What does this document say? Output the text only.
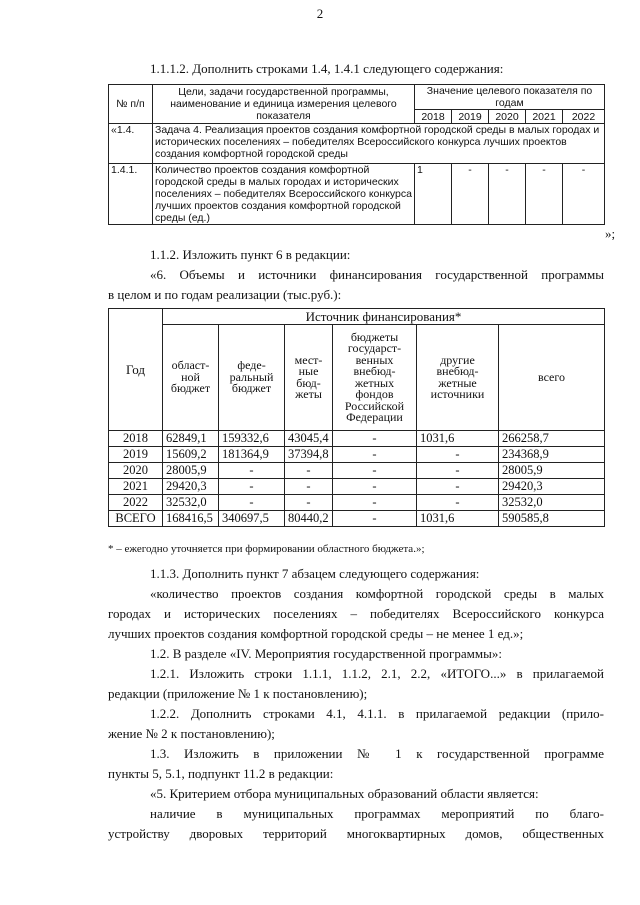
2
1.1.1.2. Дополнить строками 1.4, 1.4.1 следующего содержания:
№ п/п	Цели, задачи государственной программы, наименование и единица измерения целевого показателя	Значение целевого показателя по годам				
		2018	2019	2020	2021	2022
«1.4.	Задача 4. Реализация проектов создания комфортной городской среды в малых городах и исторических поселениях – победителях Всероссийского конкурса лучших проектов создания комфортной городской среды					
1.4.1.	Количество проектов создания комфортной городской среды в малых городах и исторических поселениях – победителях Всероссийского конкурса лучших проектов создания комфортной городской среды (ед.)	1	-	-	-	-
»;
1.1.2. Изложить пункт 6 в редакции:
«6. Объемы и источники финансирования государственной программы
в целом и по годам реализации (тыс.руб.):
Год	Источник финансирования*					
	област-ной бюджет	феде-ральный бюджет	мест-ные бюд-жеты	бюджеты государст-венных внебюд-жетных фондов Российской Федерации	другие внебюд-жетные источники	всего
2018	62849,1	159332,6	43045,4	-	1031,6	266258,7
2019	15609,2	181364,9	37394,8	-	-	234368,9
2020	28005,9	-	-	-	-	28005,9
2021	29420,3	-	-	-	-	29420,3
2022	32532,0	-	-	-	-	32532,0
ВСЕГО	168416,5	340697,5	80440,2	-	1031,6	590585,8
* – ежегодно уточняется при формировании областного бюджета.»;
1.1.3. Дополнить пункт 7 абзацем следующего содержания:
«количество проектов создания комфортной городской среды в малых
городах и исторических поселениях – победителях Всероссийского конкурса
лучших проектов создания комфортной городской среды – не менее 1 ед.»;
1.2. В разделе «IV. Мероприятия государственной программы»:
1.2.1. Изложить строки 1.1.1, 1.1.2, 2.1, 2.2, «ИТОГО...» в прилагаемой
редакции (приложение № 1 к постановлению);
1.2.2. Дополнить строками 4.1, 4.1.1. в прилагаемой редакции (прило-
жение № 2 к постановлению);
1.3. Изложить в приложении № 1 к государственной программе
пункты 5, 5.1, подпункт 11.2 в редакции:
«5. Критерием отбора муниципальных образований области является:
наличие в муниципальных программах мероприятий по благо-
устройству дворовых территорий многоквартирных домов, общественных
